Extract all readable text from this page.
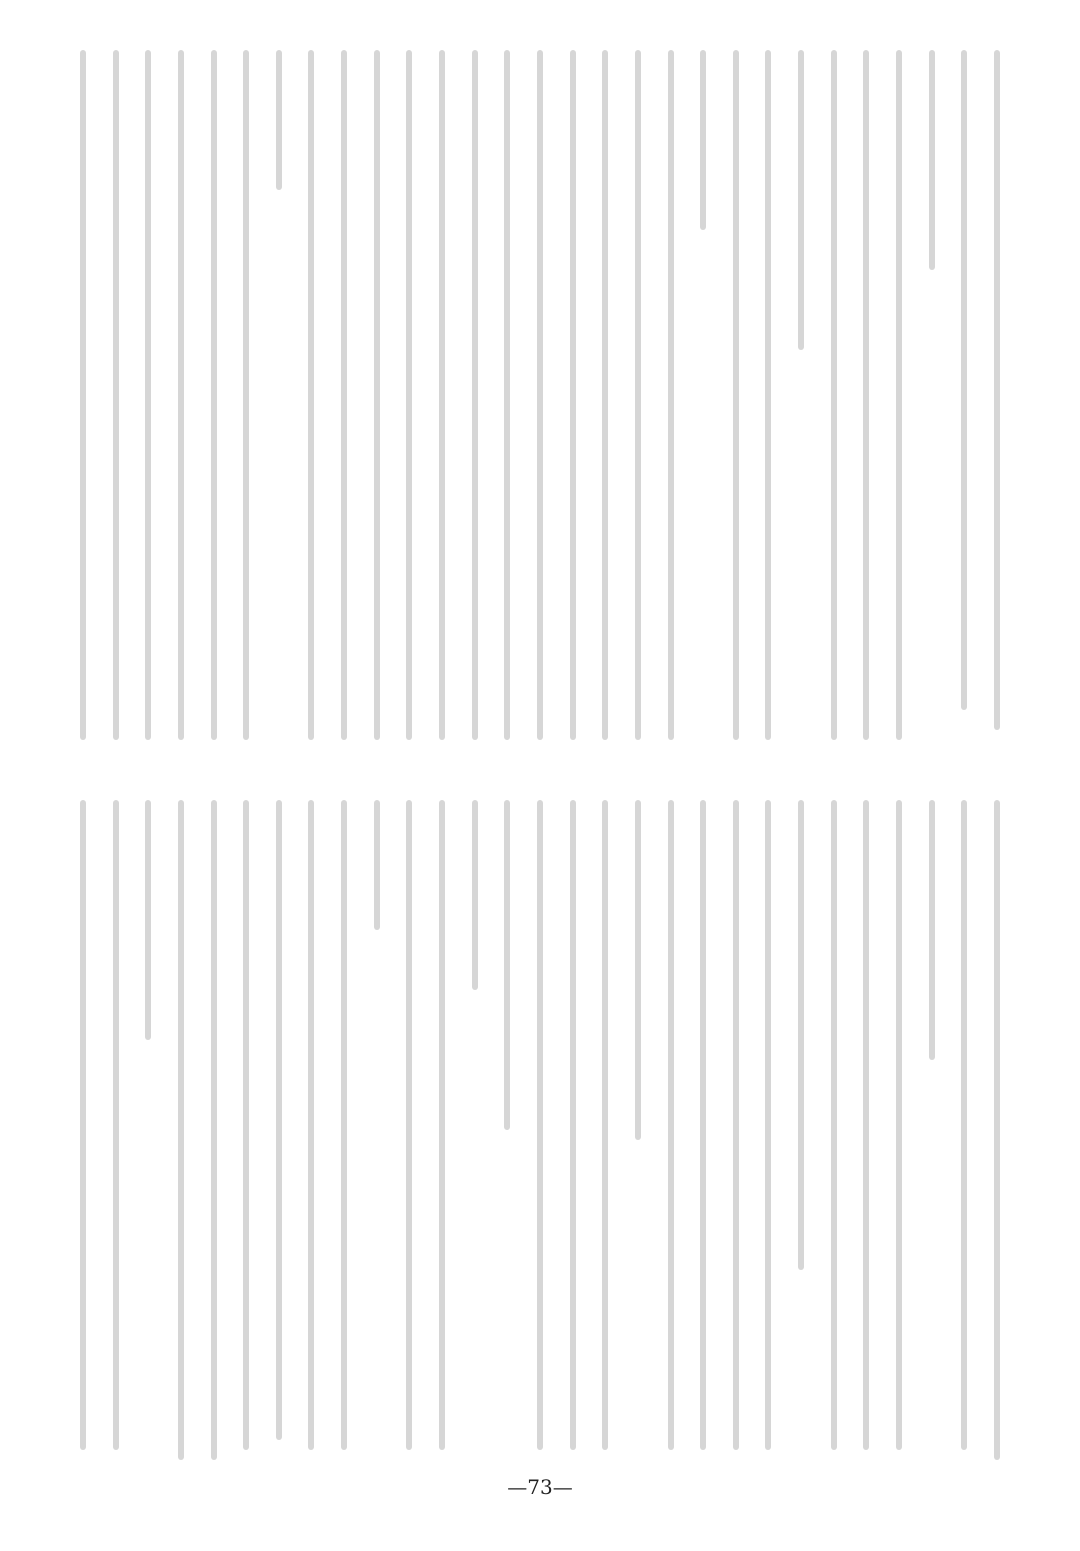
—73—
